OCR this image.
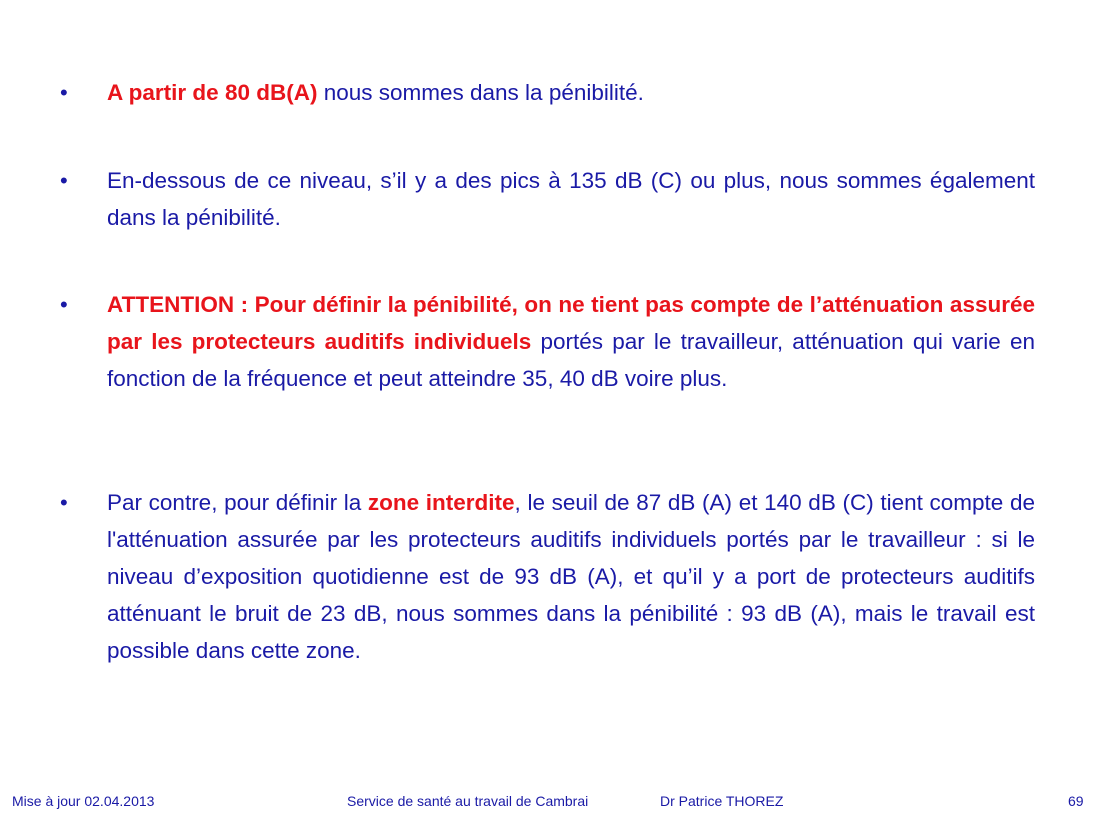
•	A partir de 80 dB(A) nous sommes dans la pénibilité.
•	En-dessous de ce niveau, s’il y a des pics à 135 dB (C) ou plus, nous sommes également dans la pénibilité.
•	ATTENTION : Pour définir la pénibilité, on ne tient pas compte de l’atténuation assurée par les protecteurs auditifs individuels portés par le travailleur, atténuation qui varie en fonction de la fréquence et peut atteindre 35, 40 dB voire plus.
•	Par contre, pour définir la zone interdite, le seuil de 87 dB (A) et 140 dB (C) tient compte de l'atténuation assurée par les protecteurs auditifs individuels portés par le travailleur : si le niveau d’exposition quotidienne est de 93 dB (A), et qu’il y a port de protecteurs auditifs atténuant le bruit de 23 dB, nous sommes dans la pénibilité : 93 dB (A), mais le travail est possible dans cette zone.
Mise à jour 02.04.2013	Service de santé au travail de Cambrai	Dr Patrice THOREZ	69
